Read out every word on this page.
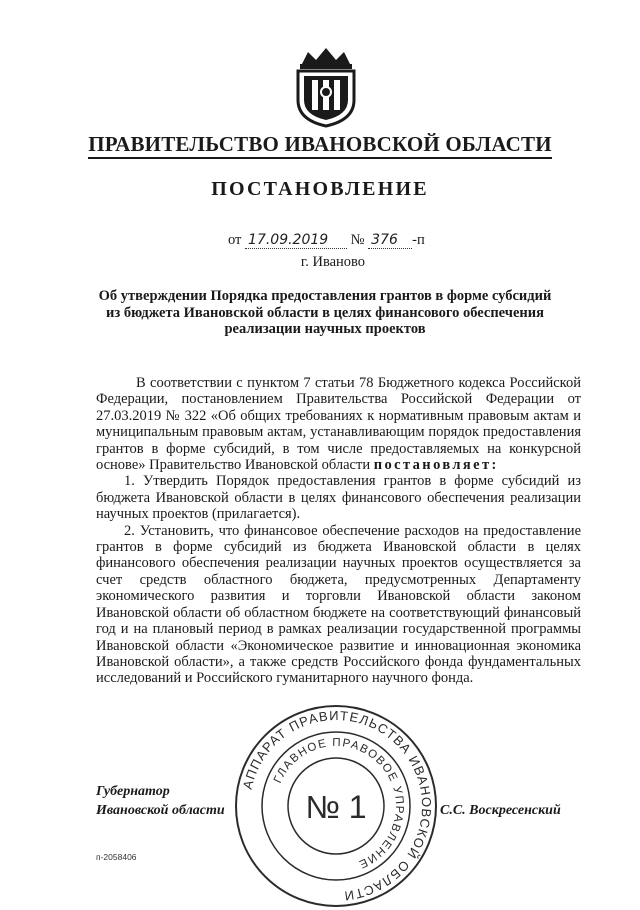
ПРАВИТЕЛЬСТВО ИВАНОВСКОЙ ОБЛАСТИ
ПОСТАНОВЛЕНИЕ
от 17.09.2019 № 376 -п
г. Иваново
Об утверждении Порядка предоставления грантов в форме субсидий из бюджета Ивановской области в целях финансового обеспечения реализации научных проектов

В соответствии с пунктом 7 статьи 78 Бюджетного кодекса Российской Федерации, постановлением Правительства Российской Федерации от 27.03.2019 № 322 «Об общих требованиях к нормативным правовым актам и муниципальным правовым актам, устанавливающим порядок предоставления грантов в форме субсидий, в том числе предоставляемых на конкурсной основе» Правительство Ивановской области постановляет:

1. Утвердить Порядок предоставления грантов в форме субсидий из бюджета Ивановской области в целях финансового обеспечения реализации научных проектов (прилагается).

2. Установить, что финансовое обеспечение расходов на предоставление грантов в форме субсидий из бюджета Ивановской области в целях финансового обеспечения реализации научных проектов осуществляется за счет средств областного бюджета, предусмотренных Департаменту экономического развития и торговли Ивановской области законом Ивановской области об областном бюджете на соответствующий финансовый год и на плановый период в рамках реализации государственной программы Ивановской области «Экономическое развитие и инновационная экономика Ивановской области», а также средств Российского фонда фундаментальных исследований и Российского гуманитарного научного фонда.

АППАРАТ ПРАВИТЕЛЬСТВА ИВАНОВСКОЙ ОБЛАСТИ
ГЛАВНОЕ ПРАВОВОЕ УПРАВЛЕНИЕ
№ 1
Губернатор
Ивановской области	С.С. Воскресенский
п-2058406
